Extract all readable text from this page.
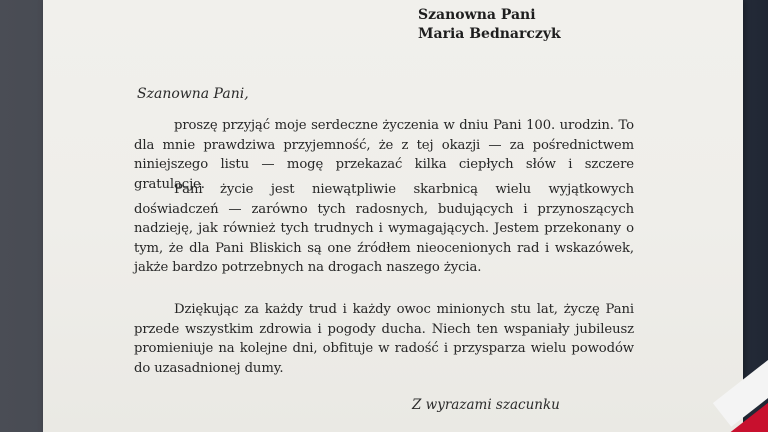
Szanowna Pani
Maria Bednarczyk
Szanowna Pani,

proszę przyjąć moje serdeczne życzenia w dniu Pani 100. urodzin. To dla mnie prawdziwa przyjemność, że z tej okazji — za pośrednictwem niniejszego listu — mogę przekazać kilka ciepłych słów i szczere gratulacje.

Pani życie jest niewątpliwie skarbnicą wielu wyjątkowych doświadczeń — zarówno tych radosnych, budujących i przynoszących nadzieję, jak również tych trudnych i wymagających. Jestem przekonany o tym, że dla Pani Bliskich są one źródłem nieocenionych rad i wskazówek, jakże bardzo potrzebnych na drogach naszego życia.

Dziękując za każdy trud i każdy owoc minionych stu lat, życzę Pani przede wszystkim zdrowia i pogody ducha. Niech ten wspaniały jubileusz promieniuje na kolejne dni, obfituje w radość i przysparza wielu powodów do uzasadnionej dumy.

Z wyrazami szacunku
